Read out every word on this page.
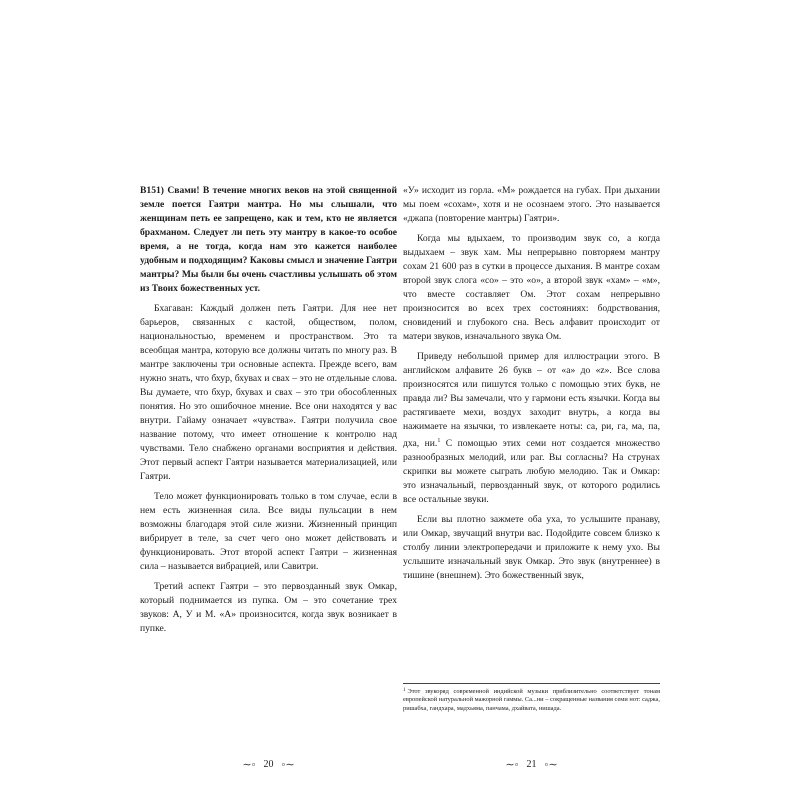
B151) Свами! В течение многих веков на этой священной земле поется Гаятри мантра. Но мы слышали, что женщинам петь ее запрещено, как и тем, кто не является брахманом. Следует ли петь эту мантру в какое-то особое время, а не тогда, когда нам это кажется наиболее удобным и подходящим? Каковы смысл и значение Гаятри мантры? Мы были бы очень счастливы услышать об этом из Твоих божественных уст.

Бхагаван: Каждый должен петь Гаятри. Для нее нет барьеров, связанных с кастой, обществом, полом, национальностью, временем и пространством. Это та всеобщая мантра, которую все должны читать по многу раз. В мантре заключены три основные аспекта. Прежде всего, вам нужно знать, что бхур, бхувах и свах – это не отдельные слова. Вы думаете, что бхур, бхувах и свах – это три обособленных понятия. Но это ошибочное мнение. Все они находятся у вас внутри. Гайаму означает «чувства». Гаятри получила свое название потому, что имеет отношение к контролю над чувствами. Тело снабжено органами восприятия и действия. Этот первый аспект Гаятри называется материализацией, или Гаятри.

Тело может функционировать только в том случае, если в нем есть жизненная сила. Все виды пульсации в нем возможны благодаря этой силе жизни. Жизненный принцип вибрирует в теле, за счет чего оно может действовать и функционировать. Этот второй аспект Гаятри – жизненная сила – называется вибрацией, или Савитри.

Третий аспект Гаятри – это первозданный звук Омкар, который поднимается из пупка. Ом – это сочетание трех звуков: А, У и М. «А» произносится, когда звук возникает в пупке.

«У» исходит из горла. «М» рождается на губах. При дыхании мы поем «сохам», хотя и не осознаем этого. Это называется «джапа (повторение мантры) Гаятри».

Когда мы вдыхаем, то производим звук со, а когда выдыхаем – звук хам. Мы непрерывно повторяем мантру сохам 21 600 раз в сутки в процессе дыхания. В мантре сохам второй звук слога «со» – это «о», а второй звук «хам» – «м», что вместе составляет Ом. Этот сохам непрерывно произносится во всех трех состояниях: бодрствования, сновидений и глубокого сна. Весь алфавит происходит от матери звуков, изначального звука Ом.

Приведу небольшой пример для иллюстрации этого. В английском алфавите 26 букв – от «а» до «z». Все слова произносятся или пишутся только с помощью этих букв, не правда ли? Вы замечали, что у гармони есть язычки. Когда вы растягиваете мехи, воздух заходит внутрь, а когда вы нажимаете на язычки, то извлекаете ноты: са, ри, га, ма, па, дха, ни.$^1$ С помощью этих семи нот создается множество разнообразных мелодий, или раг. Вы согласны? На струнах скрипки вы можете сыграть любую мелодию. Так и Омкар: это изначальный, первозданный звук, от которого родились все остальные звуки.

Если вы плотно зажмете оба уха, то услышите пранаву, или Омкар, звучащий внутри вас. Подойдите совсем близко к столбу линии электропередачи и приложите к нему ухо. Вы услышите изначальный звук Омкар. Это звук (внутреннее) в тишине (внешнем). Это божественный звук,

$^1$ Этот звукоряд современной индийской музыки приблизительно соответствует тонам европейской натуральной мажорной гаммы. Са...ни – сокращенные названия семи нот: саджа, ришабха, гандхара, мадхьяма, панчама, дхайвата, нишада.
∼◦ 20 ◦∼	∼◦ 21 ◦∼
